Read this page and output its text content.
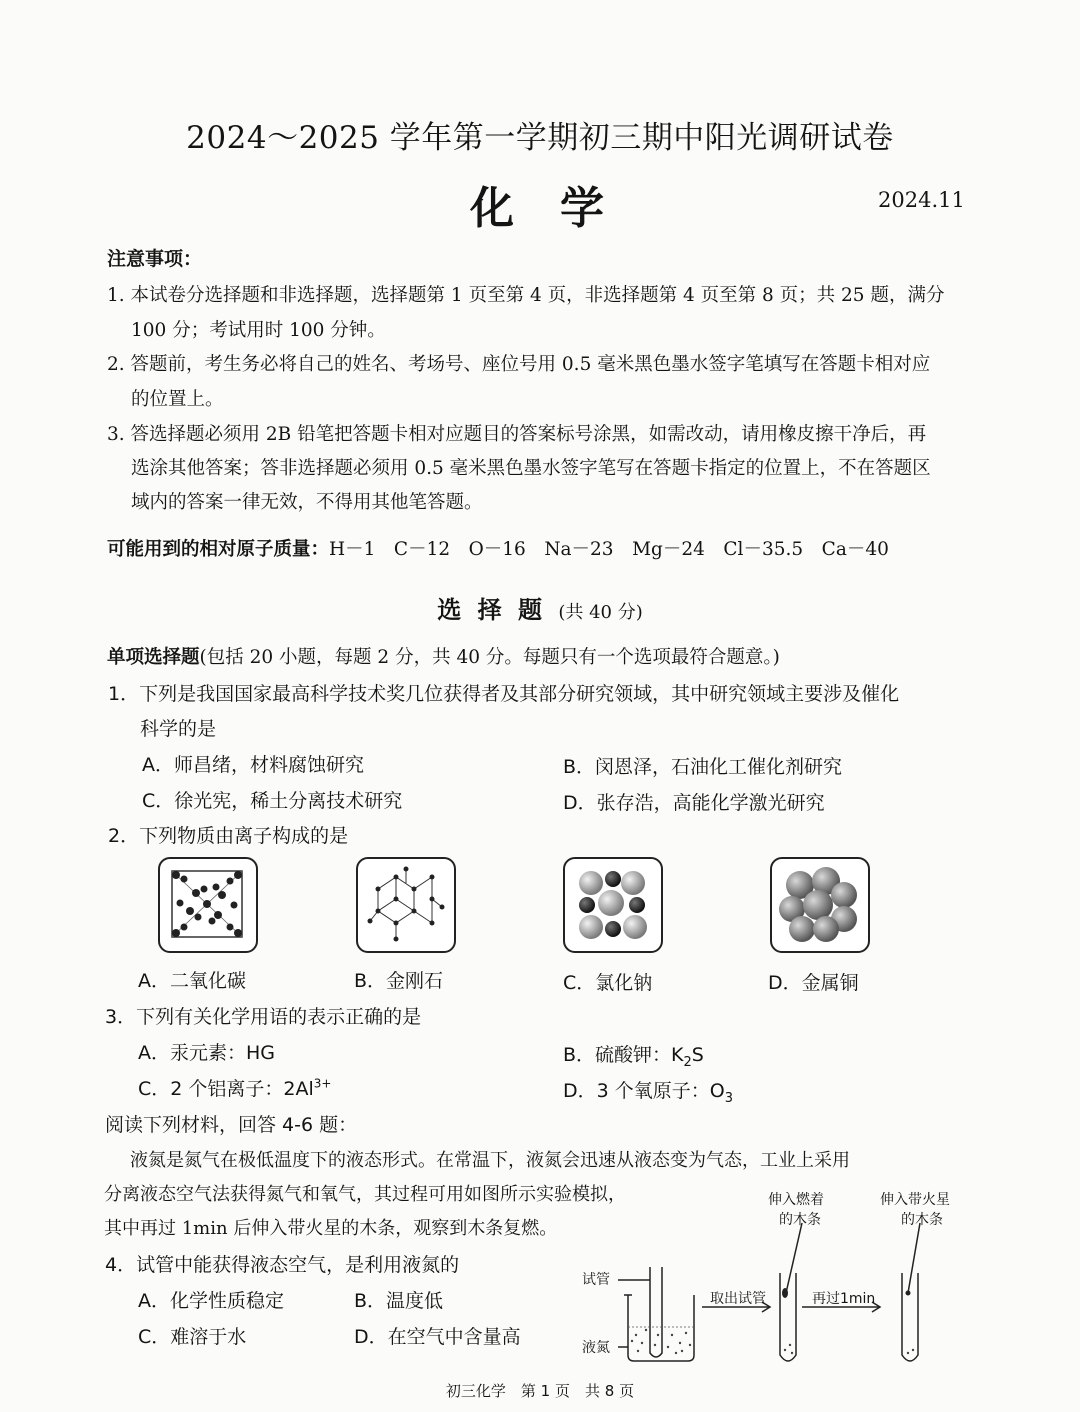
2024～2025 学年第一学期初三期中阳光调研试卷
化学	2024.11
注意事项：
1. 本试卷分选择题和非选择题，选择题第 1 页至第 4 页，非选择题第 4 页至第 8 页；共 25 题，满分
100 分；考试用时 100 分钟。
2. 答题前，考生务必将自己的姓名、考场号、座位号用 0.5 毫米黑色墨水签字笔填写在答题卡相对应
的位置上。
3. 答选择题必须用 2B 铅笔把答题卡相对应题目的答案标号涂黑，如需改动，请用橡皮擦干净后，再
选涂其他答案；答非选择题必须用 0.5 毫米黑色墨水签字笔写在答题卡指定的位置上，不在答题区
域内的答案一律无效，不得用其他笔答题。
可能用到的相对原子质量：H－1　C－12　O－16　Na－23　Mg－24　Cl－35.5　Ca－40
选 择 题 (共 40 分)
单项选择题(包括 20 小题，每题 2 分，共 40 分。每题只有一个选项最符合题意。)
1．下列是我国国家最高科学技术奖几位获得者及其部分研究领域，其中研究领域主要涉及催化
科学的是
A．师昌绪，材料腐蚀研究	B．闵恩泽，石油化工催化剂研究
C．徐光宪，稀土分离技术研究	D．张存浩，高能化学激光研究
2．下列物质由离子构成的是
A．二氧化碳	B．金刚石	C．氯化钠	D．金属铜
3．下列有关化学用语的表示正确的是
A．汞元素：HG	B．硫酸钾：$K_2S$
C．2 个铝离子：$2Al^{3+}$	D．3 个氧原子：$O_3$
阅读下列材料，回答 4-6 题：
液氮是氮气在极低温度下的液态形式。在常温下，液氮会迅速从液态变为气态，工业上采用
分离液态空气法获得氮气和氧气，其过程可用如图所示实验模拟，
其中再过 1min 后伸入带火星的木条，观察到木条复燃。
4．试管中能获得液态空气，是利用液氮的
A．化学性质稳定	B．温度低
C．难溶于水	D．在空气中含量高
试管
液氮
取出试管	再过1min
伸入燃着
的木条
伸入带火星
的木条
初三化学　第 1 页　共 8 页
